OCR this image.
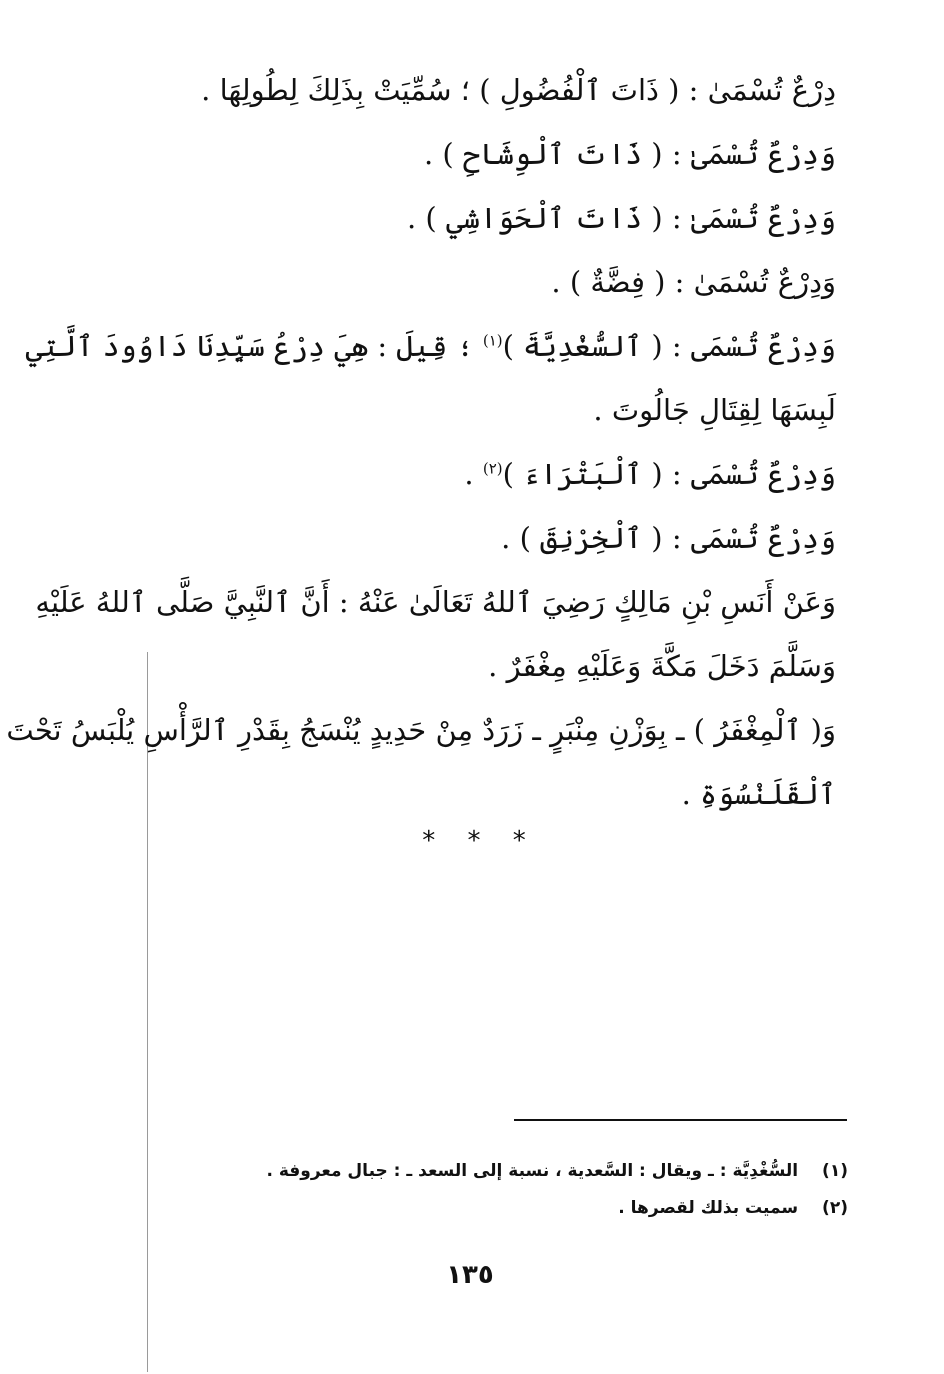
دِرْعٌ تُسْمَىٰ : ( ذَاتَ ٱلْفُضُولِ ) ؛ سُمِّيَتْ بِذَلِكَ لِطُولِهَا .
وَدِرْعٌ تُسْمَىٰ : ( ذَاتَ ٱلْوِشَاحِ ) .
وَدِرْعٌ تُسْمَىٰ : ( ذَاتَ ٱلْحَوَاشِي ) .
وَدِرْعٌ تُسْمَىٰ : ( فِضَّةٌ ) .
وَدِرْعٌ تُسْمَى : ( ٱلسُّغْدِيَّةَ )$^{(١)}$ ؛ قِيلَ : هِيَ دِرْعُ سَيِّدِنَا دَاوُودَ ٱلَّتِي
لَبِسَهَا لِقِتَالِ جَالُوتَ .
وَدِرْعٌ تُسْمَى : ( ٱلْبَتْرَاءَ )$^{(٢)}$ .
وَدِرْعٌ تُسْمَى : ( ٱلْخِرْنِقَ ) .
وَعَنْ أَنَسِ بْنِ مَالِكٍ رَضِيَ ٱللهُ تَعَالَىٰ عَنْهُ : أَنَّ ٱلنَّبِيَّ صَلَّى ٱللهُ عَلَيْهِ
وَسَلَّمَ دَخَلَ مَكَّةَ وَعَلَيْهِ مِغْفَرٌ .
وَ( ٱلْمِغْفَرُ ) ـ بِوَزْنِ مِنْبَرٍ ـ زَرَدٌ مِنْ حَدِيدٍ يُنْسَجُ بِقَدْرِ ٱلرَّأْسِ يُلْبَسُ تَحْتَ
ٱلْقَلَنْسُوَةِ .
* * *
(١) السُّغْدِيَّة : ـ ويقال : السَّعدية ، نسبة إلى السعد ـ : جبال معروفة .
(٢) سميت بذلك لقصرها .
١٣٥
